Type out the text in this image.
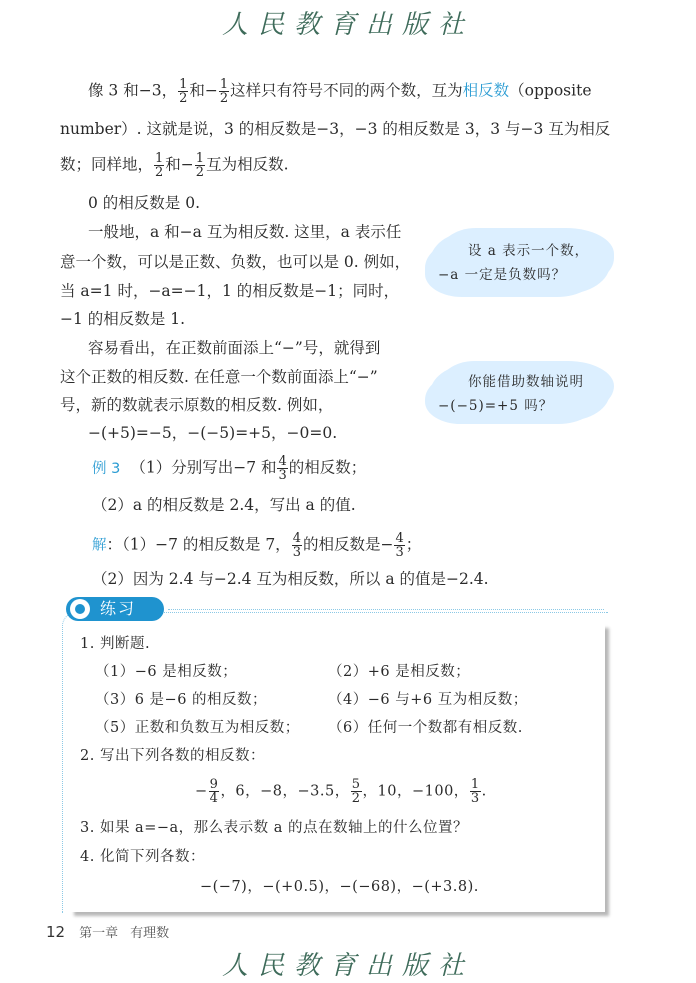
人民教育出版社
像 3 和−3， $\frac{1}{2}$ 和− $\frac{1}{2}$ 这样只有符号不同的两个数，互为相反数（opposite
number）. 这就是说，3 的相反数是−3，−3 的相反数是 3，3 与−3 互为相反
数；同样地， $\frac{1}{2}$ 和− $\frac{1}{2}$ 互为相反数.
0 的相反数是 0.
一般地，a 和−a 互为相反数. 这里，a 表示任
意一个数，可以是正数、负数，也可以是 0. 例如，
当 a=1 时，−a=−1，1 的相反数是−1；同时，
−1 的相反数是 1.
容易看出，在正数前面添上“−”号，就得到
这个正数的相反数. 在任意一个数前面添上“−”
号，新的数就表示原数的相反数. 例如，
−(+5)=−5，−(−5)=+5，−0=0.
设 a 表示一个数，
−a 一定是负数吗？
你能借助数轴说明
−(−5)=+5 吗？
例 3 （1）分别写出−7 和 $\frac{4}{3}$ 的相反数；
（2）a 的相反数是 2.4，写出 a 的值.
解：（1）−7 的相反数是 7， $\frac{4}{3}$ 的相反数是− $\frac{4}{3}$ ；
（2）因为 2.4 与−2.4 互为相反数，所以 a 的值是−2.4.
练习
1. 判断题.
（1）−6 是相反数；	（2）+6 是相反数；
（3）6 是−6 的相反数；	（4）−6 与+6 互为相反数；
（5）正数和负数互为相反数； （6）任何一个数都有相反数.
2. 写出下列各数的相反数：
− $\frac{9}{4}$ ，6，−8，−3.5， $\frac{5}{2}$ ，10，−100， $\frac{1}{3}$ .
3. 如果 a=−a，那么表示数 a 的点在数轴上的什么位置？
4. 化简下列各数：
−(−7)，−(+0.5)，−(−68)，−(+3.8).
12 第一章 有理数
人民教育出版社
